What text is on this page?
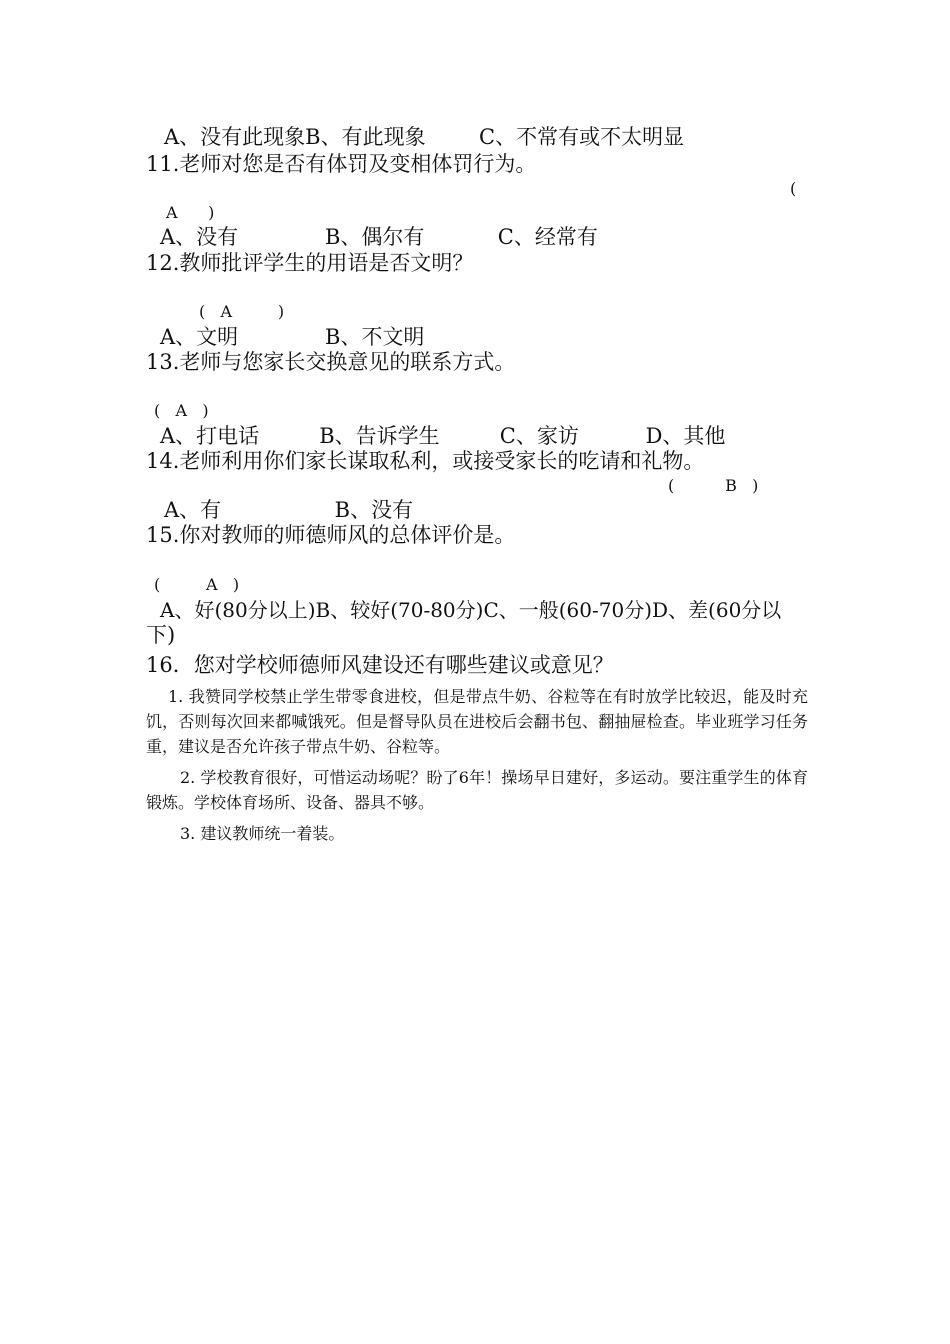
A、没有此现象B、有此现象        C、不常有或不太明显
11.老师对您是否有体罚及变相体罚行为。
(
A      )
A、没有             B、偶尔有           C、经常有
12.教师批评学生的用语是否文明？
(   A         )
A、文明             B、不文明
13.老师与您家长交换意见的联系方式。
(   A   )
A、打电话         B、告诉学生         C、家访          D、其他
14.老师利用你们家长谋取私利，或接受家长的吃请和礼物。
(          B   )
A、有                 B、没有
15.你对教师的师德师风的总体评价是。
(         A   )
A、好(80分以上)B、较好(70-80分)C、一般(60-70分)D、差(60分以
下)
16．您对学校师德师风建设还有哪些建议或意见？
1. 我赞同学校禁止学生带零食进校，但是带点牛奶、谷粒等在有时放学比较迟，能及时充饥，否则每次回来都喊饿死。但是督导队员在进校后会翻书包、翻抽屉检查。毕业班学习任务重，建议是否允许孩子带点牛奶、谷粒等。
2. 学校教育很好，可惜运动场呢？盼了6年！操场早日建好，多运动。要注重学生的体育锻炼。学校体育场所、设备、器具不够。
3. 建议教师统一着装。
